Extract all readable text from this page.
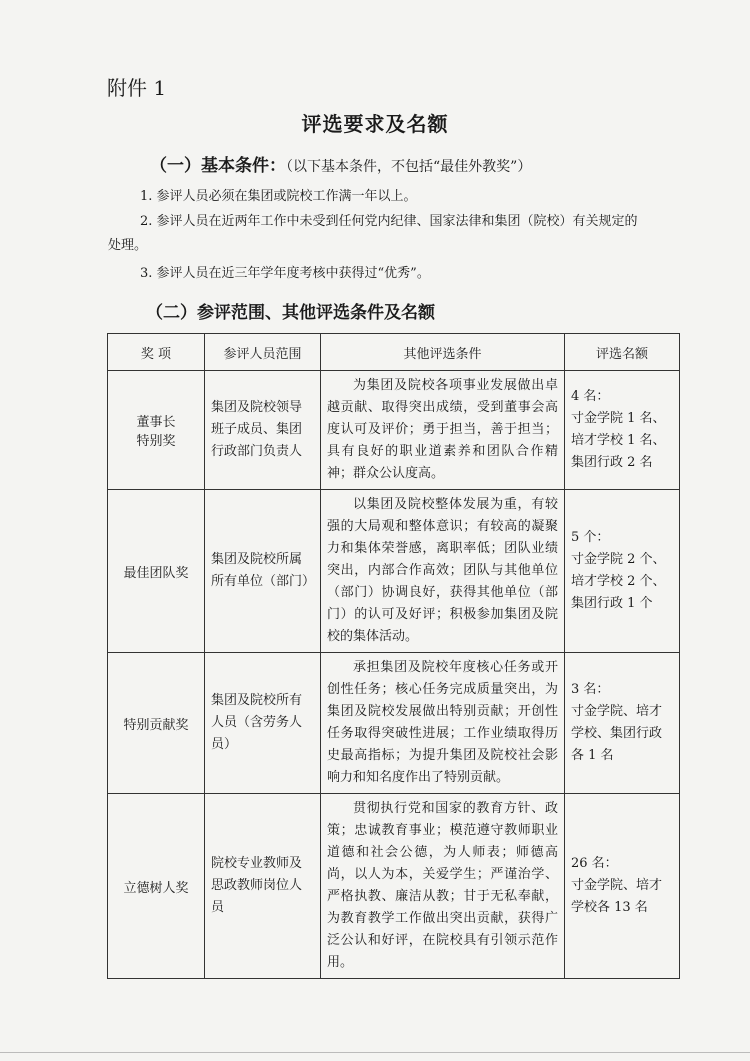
附件 1
评选要求及名额
（一）基本条件：（以下基本条件，不包括“最佳外教奖”）
1. 参评人员必须在集团或院校工作满一年以上。
2. 参评人员在近两年工作中未受到任何党内纪律、国家法律和集团（院校）有关规定的
处理。
3. 参评人员在近三年学年度考核中获得过“优秀”。
（二）参评范围、其他评选条件及名额
奖 项	参评人员范围	其他评选条件	评选名额
董事长
特别奖	集团及院校领导班子成员、集团行政部门负责人	为集团及院校各项事业发展做出卓越贡献、取得突出成绩，受到董事会高度认可及评价；勇于担当，善于担当；具有良好的职业道素养和团队合作精神；群众公认度高。	4 名：
寸金学院 1 名、培才学校 1 名、集团行政 2 名
最佳团队奖	集团及院校所属所有单位（部门）	以集团及院校整体发展为重，有较强的大局观和整体意识；有较高的凝聚力和集体荣誉感，离职率低；团队业绩突出，内部合作高效；团队与其他单位（部门）协调良好，获得其他单位（部门）的认可及好评；积极参加集团及院校的集体活动。	5 个：
寸金学院 2 个、培才学校 2 个、集团行政 1 个
特别贡献奖	集团及院校所有人员（含劳务人员）	承担集团及院校年度核心任务或开创性任务；核心任务完成质量突出，为集团及院校发展做出特别贡献；开创性任务取得突破性进展；工作业绩取得历史最高指标；为提升集团及院校社会影响力和知名度作出了特别贡献。	3 名：
寸金学院、培才学校、集团行政各 1 名
立德树人奖	院校专业教师及思政教师岗位人员	贯彻执行党和国家的教育方针、政策；忠诚教育事业；模范遵守教师职业道德和社会公德，为人师表；师德高尚，以人为本，关爱学生；严谨治学、严格执教、廉洁从教；甘于无私奉献，为教育教学工作做出突出贡献，获得广泛公认和好评，在院校具有引领示范作用。	26 名：
寸金学院、培才学校各 13 名
